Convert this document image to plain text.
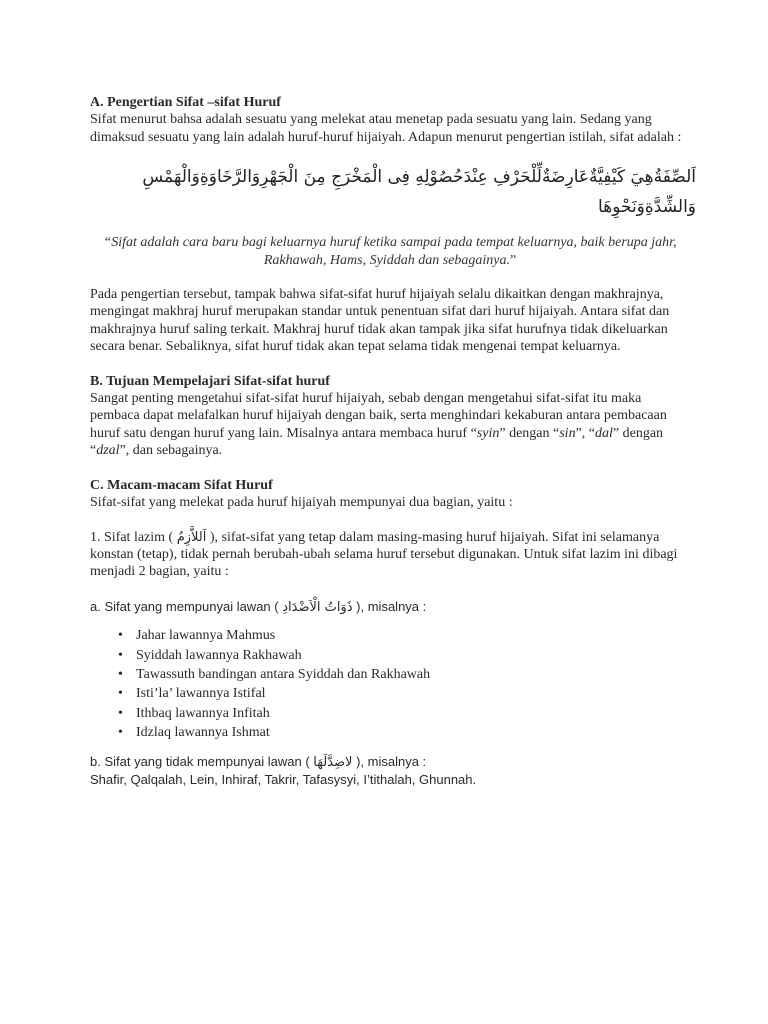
A. Pengertian Sifat –sifat Huruf

Sifat menurut bahsa adalah sesuatu yang melekat atau menetap pada sesuatu yang lain. Sedang yang dimaksud sesuatu yang lain adalah huruf-huruf hijaiyah. Adapun menurut pengertian istilah, sifat adalah :

اَلصِّفَةُهِيَ كَيْفِيَّةٌعَارِضَةٌلِّلْحَرْفِ عِنْدَحُصُوْلِهِ فِى الْمَخْرَجِ مِنَ الْجَهْرِوَالرَّخَاوَةِوَالْهَمْسِ وَالشِّدَّةِوَنَحْوِهَا

“Sifat adalah cara baru bagi keluarnya huruf ketika sampai pada tempat keluarnya, baik berupa jahr, Rakhawah, Hams, Syiddah dan sebagainya.”

Pada pengertian tersebut, tampak bahwa sifat-sifat huruf hijaiyah selalu dikaitkan dengan makhrajnya, mengingat makhraj huruf merupakan standar untuk penentuan sifat dari huruf hijaiyah. Antara sifat dan makhrajnya huruf saling terkait. Makhraj huruf tidak akan tampak jika sifat hurufnya tidak dikeluarkan secara benar. Sebaliknya, sifat huruf tidak akan tepat selama tidak mengenai tempat keluarnya.

B. Tujuan Mempelajari Sifat-sifat huruf

Sangat penting mengetahui sifat-sifat huruf hijaiyah, sebab dengan mengetahui sifat-sifat itu maka pembaca dapat melafalkan huruf hijaiyah dengan baik, serta menghindari kekaburan antara pembacaan huruf satu dengan huruf yang lain. Misalnya antara membaca huruf “syin” dengan “sin”, “dal” dengan “dzal”, dan sebagainya.

C. Macam-macam Sifat Huruf

Sifat-sifat yang melekat pada huruf hijaiyah mempunyai dua bagian, yaitu :

1. Sifat lazim ( اَللاَّزِمُ ), sifat-sifat yang tetap dalam masing-masing huruf hijaiyah. Sifat ini selamanya konstan (tetap), tidak pernah berubah-ubah selama huruf tersebut digunakan. Untuk sifat lazim ini dibagi menjadi 2 bagian, yaitu :

a. Sifat yang mempunyai lawan ( ذَوَاتُ الْاَضْدَادِ ), misalnya :

• Jahar lawannya Mahmus
• Syiddah lawannya Rakhawah
• Tawassuth bandingan antara Syiddah dan Rakhawah
• Isti’la’ lawannya Istifal
• Ithbaq lawannya Infitah
• Idzlaq lawannya Ishmat

b. Sifat yang tidak mempunyai lawan ( لاضِدَّلَهَا ), misalnya :

Shafir, Qalqalah, Lein, Inhiraf, Takrir, Tafasysyi, I’tithalah, Ghunnah.
